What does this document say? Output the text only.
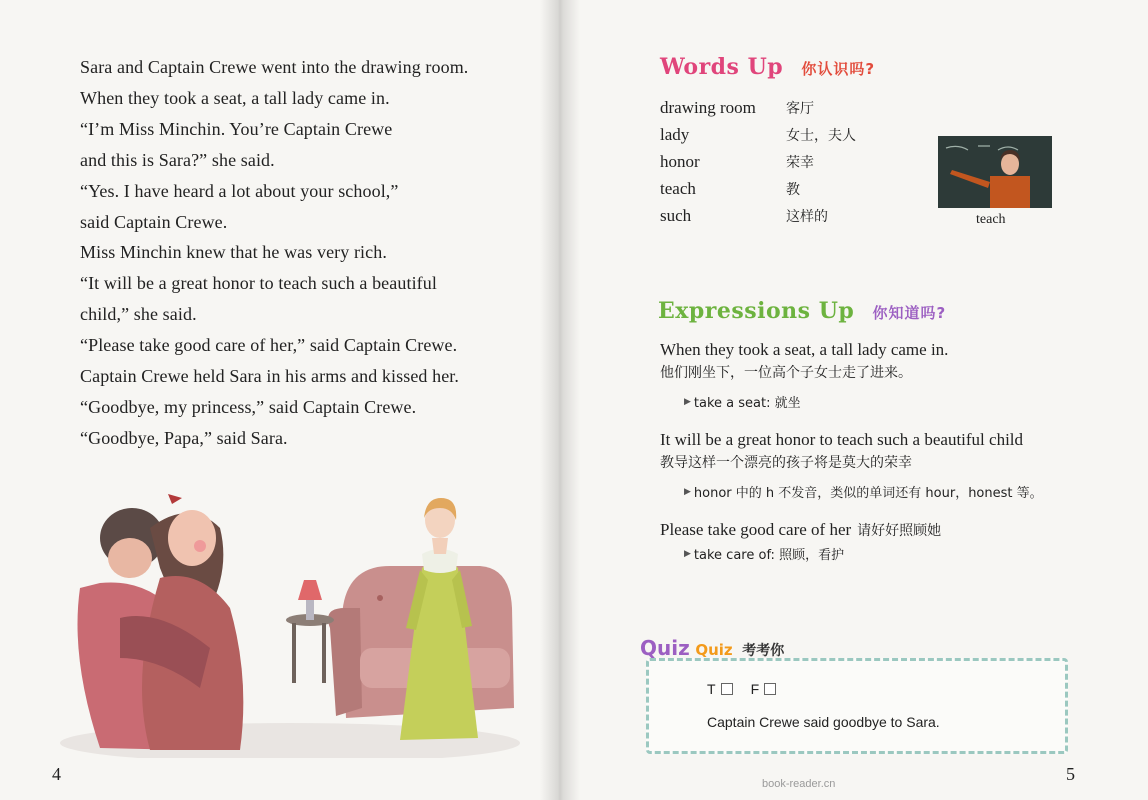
Sara and Captain Crewe went into the drawing room.
When they took a seat, a tall lady came in.
“I’m Miss Minchin. You’re Captain Crewe
and this is Sara?” she said.
“Yes. I have heard a lot about your school,”
said Captain Crewe.
Miss Minchin knew that he was very rich.
“It will be a great honor to teach such a beautiful
child,” she said.
“Please take good care of her,” said Captain Crewe.
Captain Crewe held Sara in his arms and kissed her.
“Goodbye, my princess,” said Captain Crewe.
“Goodbye, Papa,” said Sara.
4
Words Up 你认识吗?
drawing room	客厅
lady	女士，夫人
honor	荣幸
teach	教
such	这样的	teach
Expressions Up 你知道吗?
When they took a seat, a tall lady came in.
他们刚坐下，一位高个子女士走了进来。
▶ take a seat: 就坐
It will be a great honor to teach such a beautiful child
教导这样一个漂亮的孩子将是莫大的荣幸
▶ honor 中的 h 不发音，类似的单词还有 hour，honest 等。
Please take good care of her 请好好照顾她
▶ take care of: 照顾，看护
T	F
Captain Crewe said goodbye to Sara.
Quiz Quiz 考考你
5
book-reader.cn
